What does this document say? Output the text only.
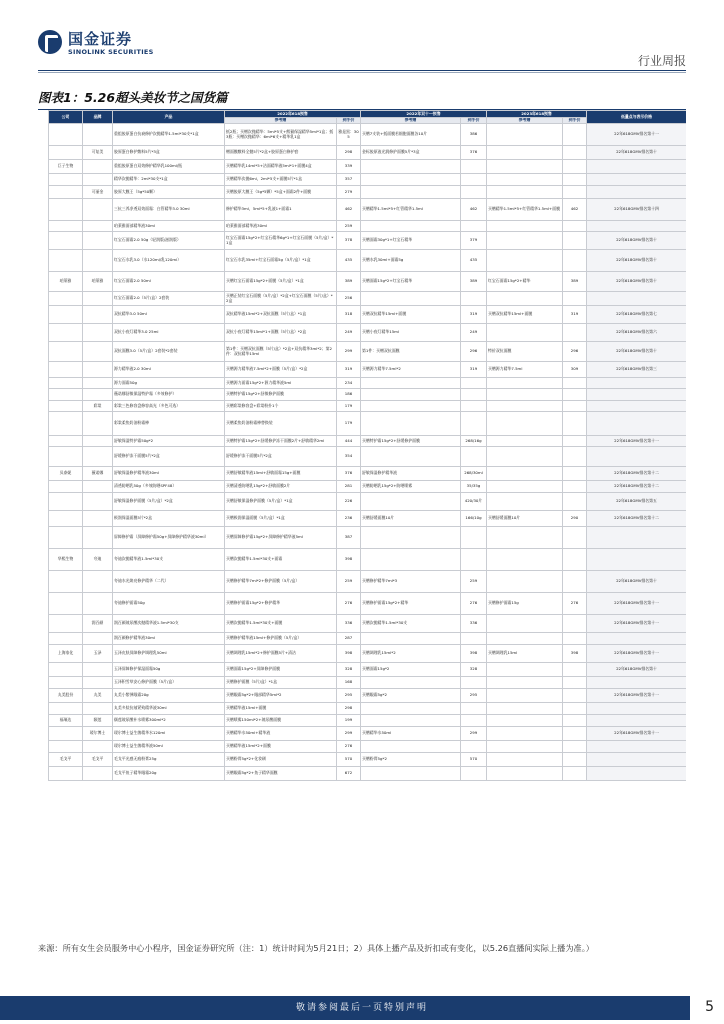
国金证券
SINOLINK SECURITIES
行业周报
图表1：5.26超头美妆节之国货篇
公司	品牌	产品	2022年618预售		2022年双十一预售		2023年618预售		低量点与表示价格
			参考赠	到手价	参考赠	到手价	参考赠	到手价	
		重组胶原蛋白抗衰修护次抛精华1.5ml*30支*1盒	抵2瓶；买赠次抛精华：5ml*5支+熊猫保湿精华5ml*1盒；抵3瓶：买赠次抛精华：6ml*6支+精华乳1盒	雅是黑：305	买赠7支装+抵面膜若细胞面膜各10片	386			22年618GMV排名第十一
	可复美	胶原蛋白修护敷料5片*3盒	赠面膜敷料全抛5片*2盒+胶原蛋白修护套	298	金标胶原液光润修护面膜5片*3盒	376			22年618GMV排名第十
巨子生物		重组胶原蛋白双效修护精华乳100ml/瓶	买赠精华乳14ml*5+洁面精华液5ml*1+面膜4盒	339					
		精华次抛精华：2ml*30支*1盒	买赠精华次抛6ml，2ml*5支+面膜5片*1盒	357					
	可丽金	胶原大膜王（5g*50颗）	买赠胶原大膜王（5g*5颗）*5盒+面霜2件+面膜	279					
		三抗三养净透双效面霜：白管精华3.0 30ml	修护精华3ml，5ml*5+乳液1+面霜1	462	买赠精华1.5ml*5+红管精华1.5ml	462	买赠精华1.5ml*5+红管精华1.5ml+面膜	462	22年618GMV排名第十四
		珀莱雅面部精华液30ml	珀莱雅面部精华液30ml	259					
		红宝石面霜2.0 50g（轻润版/滋润版）	红宝石面霜15g*2+红宝石精华6g*1+红宝石面膜（5片/盒）*1盒	378	买赠面霜30g*1+红宝石精华	379			22年618GMV排名第十
		红宝石水乳3.0（水120ml/乳120ml）	红宝石水乳35ml+红宝石面霜5g（5片/盒）*1盒	435	买赠水乳30ml+面霜5g	435			22年618GMV排名第十
珀莱雅	珀莱雅	红宝石面霜2.0 50ml	买赠红宝石面霜15g*2+面膜（5片/盒）*1盒	389	买赠面霜15g*2+红宝石精华	389	红宝石面霜15g*2+精华	389	22年618GMV排名第十
		红宝石面霜2.0（5片/盒）2套装	买赠正装红宝石面膜（5片/盒）*2盒+红宝石面膜（5片/盒）*2盒	256					
		双抗精华3.0 50ml	双抗精华液15ml*2+双抗面膜（5片/盒）*1盒	318	买赠双抗精华15ml+面膜	319	买赠双抗精华15ml+面膜	319	22年618GMV排名第七
		双抗小夜灯精华3.0 25ml	双抗小夜灯精华15ml*1+面膜（5片/盒）*2盒	249	买赠小夜灯精华15ml	249			22年618GMV排名第六
		双抗面膜3.0（5片/盒）2套装*2套装	第1件：买赠双抗面膜（5片/盒）*2盒+双抗精华3ml*2；第2件：双抗精华15ml	299	第1件：买赠双抗面膜	296	特价双抗面膜	296	22年618GMV排名第十
		源力精华液2.0 30ml	买赠源力精华液7.5ml*2+面膜（5片/盒）*2盒	319	买赠源力精华7.5ml*2	319	买赠源力精华7.5ml	309	22年618GMV排名第三
		源力面霜50g	买赠源力面霜15g*2+源力精华液5ml	234					
		薇诺娜舒敏保湿特护霜（多效修护）	买赠特护霜15g*2+舒敏修护面膜	186					
	彩棠	彩棠三色修容盘修容高光（多色可选）	买赠彩棠修容盘+彩棠粉扑1个	179					
		彩棠柔焦奶油粉霜棒	买赠柔焦奶油粉霜棒替换装	179					
		舒敏保湿特护霜50g*2	买赠特护霜15g*2+舒缓修护冻干面膜2片+舒敏精华2ml	444	买赠特护霜15g*2+舒缓修护面膜	268/16g			22年618GMV排名第十一
		舒缓修护冻干面膜5片*2盒	舒缓修护冻干面膜5片*2盒	354					
贝泰妮	薇诺娜	舒敏保湿修护精华液30ml	买赠舒敏精华液15ml+舒敏面霜15g+面膜	376	舒敏保湿修护精华液	268/30ml			22年618GMV排名第十二
		清透防晒乳50g（多效防晒SPF48）	买赠清透防晒乳15g*2+舒敏面膜2片	281	买赠防晒乳15g*2+防晒喷雾	35/35g			22年618GMV排名第十二
		舒敏保湿修护面膜（5片/盒）*2盒	买赠舒敏保湿修护面膜（5片/盒）*1盒	226		420/30片			22年618GMV排名第五
		极润保湿面膜5片*2盒	买赠极润保湿面膜（5片/盒）*1盒	236	买赠舒缓面膜10片	166/10g	买赠舒缓面膜10片	290	22年618GMV排名第十二
		屏障修护霜（屏障修护霜50g+屏障修护精华液30ml）	买赠屏障修护霜15g*2+屏障修护精华液5ml	387					
华熙生物	夸迪	夸迪次抛精华液1.5ml*30支	买赠次抛精华1.5ml*30支+面霜	398					
		夸迪水光焕亮修护精华（二代）	买赠修护精华7ml*2+修护面膜（5片/盒）	259	买赠修护精华7ml*3	259			22年618GMV排名第十
		夸迪修护面霜50g	买赠修护面霜15g*2+修护精华	276	买赠修护面霜15g*2+精华	276	买赠修护面霜15g	276	22年618GMV排名第十一
	润百颜	润百颜玻尿酸次抛精华液1.5ml*30支	买赠次抛精华1.5ml*30支+面膜	336	买赠次抛精华1.5ml*30支	336			22年618GMV排名第十一
		润百颜修护精华液30ml	买赠修护精华液15ml+修护面膜（5片/盒）	287					
上海家化	玉泽	玉泽皮肤屏障修护调理乳50ml	买赠调理乳15ml*2+修护面膜5片+清洁	398	买赠调理乳15ml*2	398	买赠调理乳15ml	398	22年618GMV排名第十一
		玉泽屏障修护保湿面霜50g	买赠面霜15g*2+屏障修护面膜	328	买赠面霜15g*2	328			22年618GMV排名第十
		玉泽积雪草安心修护面膜（5片/盒）	买赠修护面膜（5片/盒）*1盒	168					
丸美股份	丸美	丸美小紫弹眼霜20g	买赠眼霜5g*2+眼部精华5ml*2	295	买赠眼霜5g*2	295			22年618GMV排名第十一
		丸美多肽抗皱紧致精华液30ml	买赠精华液15ml+面膜	298					
福瑞达	颐莲	颐莲玻尿酸补水喷雾300ml*2	买赠喷雾150ml*2+玻尿酸面膜	199					
	瑷尔博士	瑷尔博士益生菌精华水120ml	买赠精华水50ml+精华液	299	买赠精华水50ml	299			22年618GMV排名第十一
		瑷尔博士益生菌精华液50ml	买赠精华液15ml*2+面膜	276					
毛戈平	毛戈平	毛戈平光感无痕粉膏25g	买赠粉膏5g*2+化妆刷	570	买赠粉膏5g*2	570			
		毛戈平鱼子精华眼霜20g	买赠眼霜5g*2+鱼子精华面膜	672					
来源：所有女生会员服务中心小程序，国金证券研究所（注：1）统计时间为5月21日；2）具体上播产品及折扣或有变化，以5.26直播间实际上播为准。）
敬请参阅最后一页特别声明	5
